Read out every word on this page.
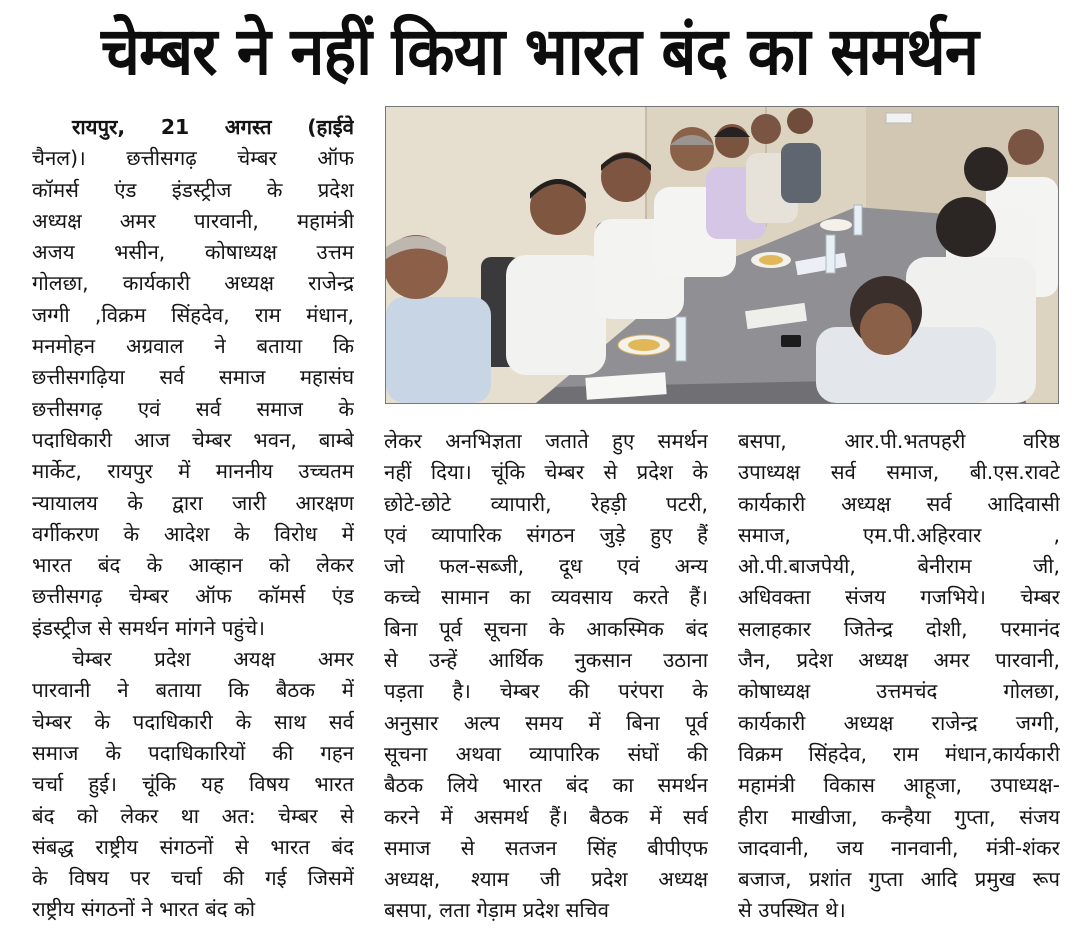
चेम्बर ने नहीं किया भारत बंद का समर्थन
रायपुर, 21 अगस्त (हाईवे
चैनल)। छत्तीसगढ़ चेम्बर ऑफ
कॉमर्स एंड इंडस्ट्रीज के प्रदेश
अध्यक्ष अमर पारवानी, महामंत्री
अजय भसीन, कोषाध्यक्ष उत्तम
गोलछा, कार्यकारी अध्यक्ष राजेन्द्र
जग्गी ,विक्रम सिंहदेव, राम मंधान,
मनमोहन अग्रवाल ने बताया कि
छत्तीसगढ़िया सर्व समाज महासंघ
छत्तीसगढ़ एवं सर्व समाज के
पदाधिकारी आज चेम्बर भवन, बाम्बे
मार्केट, रायपुर में माननीय उच्चतम
न्यायालय के द्वारा जारी आरक्षण
वर्गीकरण के आदेश के विरोध में
भारत बंद के आव्हान को लेकर
छत्तीसगढ़ चेम्बर ऑफ कॉमर्स एंड
इंडस्ट्रीज से समर्थन मांगने पहुंचे।
चेम्बर प्रदेश अयक्ष अमर
पारवानी ने बताया कि बैठक में
चेम्बर के पदाधिकारी के साथ सर्व
समाज के पदाधिकारियों की गहन
चर्चा हुई। चूंकि यह विषय भारत
बंद को लेकर था अत: चेम्बर से
संबद्ध राष्ट्रीय संगठनों से भारत बंद
के विषय पर चर्चा की गई जिसमें
राष्ट्रीय संगठनों ने भारत बंद को
लेकर अनभिज्ञता जताते हुए समर्थन
नहीं दिया। चूंकि चेम्बर से प्रदेश के
छोटे-छोटे व्यापारी, रेहड़ी पटरी,
एवं व्यापारिक संगठन जुड़े हुए हैं
जो फल-सब्जी, दूध एवं अन्य
कच्चे सामान का व्यवसाय करते हैं।
बिना पूर्व सूचना के आकस्मिक बंद
से उन्हें आर्थिक नुकसान उठाना
पड़ता है। चेम्बर की परंपरा के
अनुसार अल्प समय में बिना पूर्व
सूचना अथवा व्यापारिक संघों की
बैठक लिये भारत बंद का समर्थन
करने में असमर्थ हैं। बैठक में सर्व
समाज से सतजन सिंह बीपीएफ
अध्यक्ष, श्याम जी प्रदेश अध्यक्ष
बसपा, लता गेड़ाम प्रदेश सचिव
बसपा, आर.पी.भतपहरी वरिष्ठ
उपाध्यक्ष सर्व समाज, बी.एस.रावटे
कार्यकारी अध्यक्ष सर्व आदिवासी
समाज, एम.पी.अहिरवार ,
ओ.पी.बाजपेयी, बेनीराम जी,
अधिवक्ता संजय गजभिये। चेम्बर
सलाहकार जितेन्द्र दोशी, परमानंद
जैन, प्रदेश अध्यक्ष अमर पारवानी,
कोषाध्यक्ष उत्तमचंद गोलछा,
कार्यकारी अध्यक्ष राजेन्द्र जग्गी,
विक्रम सिंहदेव, राम मंधान,कार्यकारी
महामंत्री विकास आहूजा, उपाध्यक्ष-
हीरा माखीजा, कन्हैया गुप्ता, संजय
जादवानी, जय नानवानी, मंत्री-शंकर
बजाज, प्रशांत गुप्ता आदि प्रमुख रूप
से उपस्थित थे।
